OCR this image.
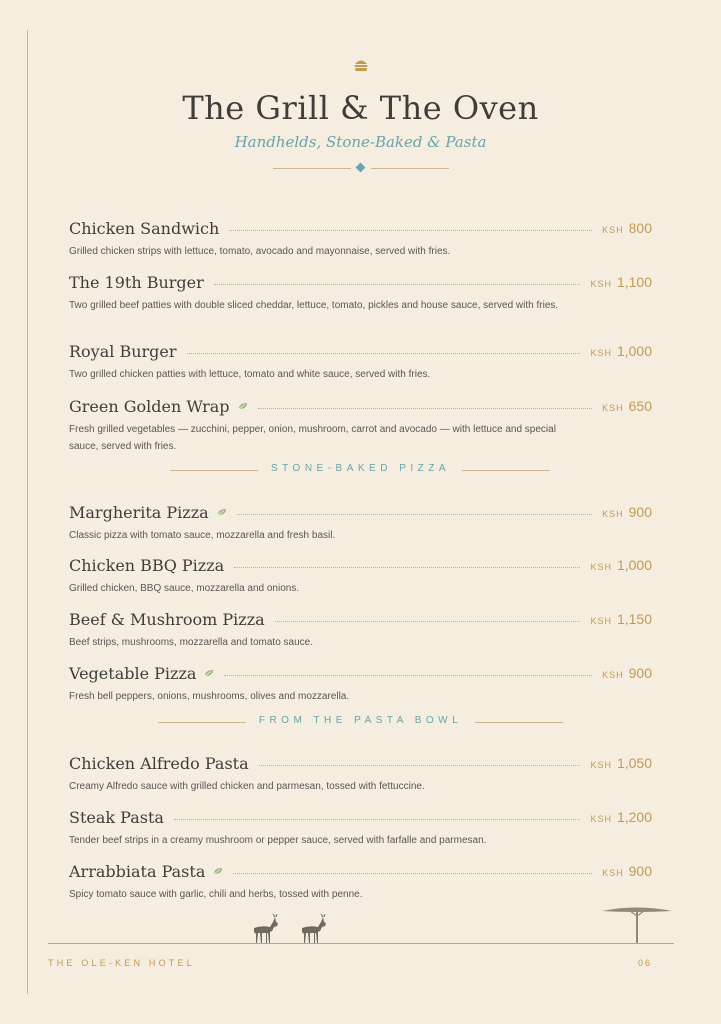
The Grill & The Oven
Handhelds, Stone-Baked & Pasta
Chicken Sandwich	KSH 800
Grilled chicken strips with lettuce, tomato, avocado and mayonnaise, served with fries.
The 19th Burger	KSH 1,100
Two grilled beef patties with double sliced cheddar, lettuce, tomato, pickles and house sauce, served with fries.
Royal Burger	KSH 1,000
Two grilled chicken patties with lettuce, tomato and white sauce, served with fries.
Green Golden Wrap	KSH 650
Fresh grilled vegetables — zucchini, pepper, onion, mushroom, carrot and avocado — with lettuce and special sauce, served with fries.
STONE-BAKED PIZZA
Margherita Pizza	KSH 900
Classic pizza with tomato sauce, mozzarella and fresh basil.
Chicken BBQ Pizza	KSH 1,000
Grilled chicken, BBQ sauce, mozzarella and onions.
Beef & Mushroom Pizza	KSH 1,150
Beef strips, mushrooms, mozzarella and tomato sauce.
Vegetable Pizza	KSH 900
Fresh bell peppers, onions, mushrooms, olives and mozzarella.
FROM THE PASTA BOWL
Chicken Alfredo Pasta	KSH 1,050
Creamy Alfredo sauce with grilled chicken and parmesan, tossed with fettuccine.
Steak Pasta	KSH 1,200
Tender beef strips in a creamy mushroom or pepper sauce, served with farfalle and parmesan.
Arrabbiata Pasta	KSH 900
Spicy tomato sauce with garlic, chili and herbs, tossed with penne.
THE OLE-KEN HOTEL	06
